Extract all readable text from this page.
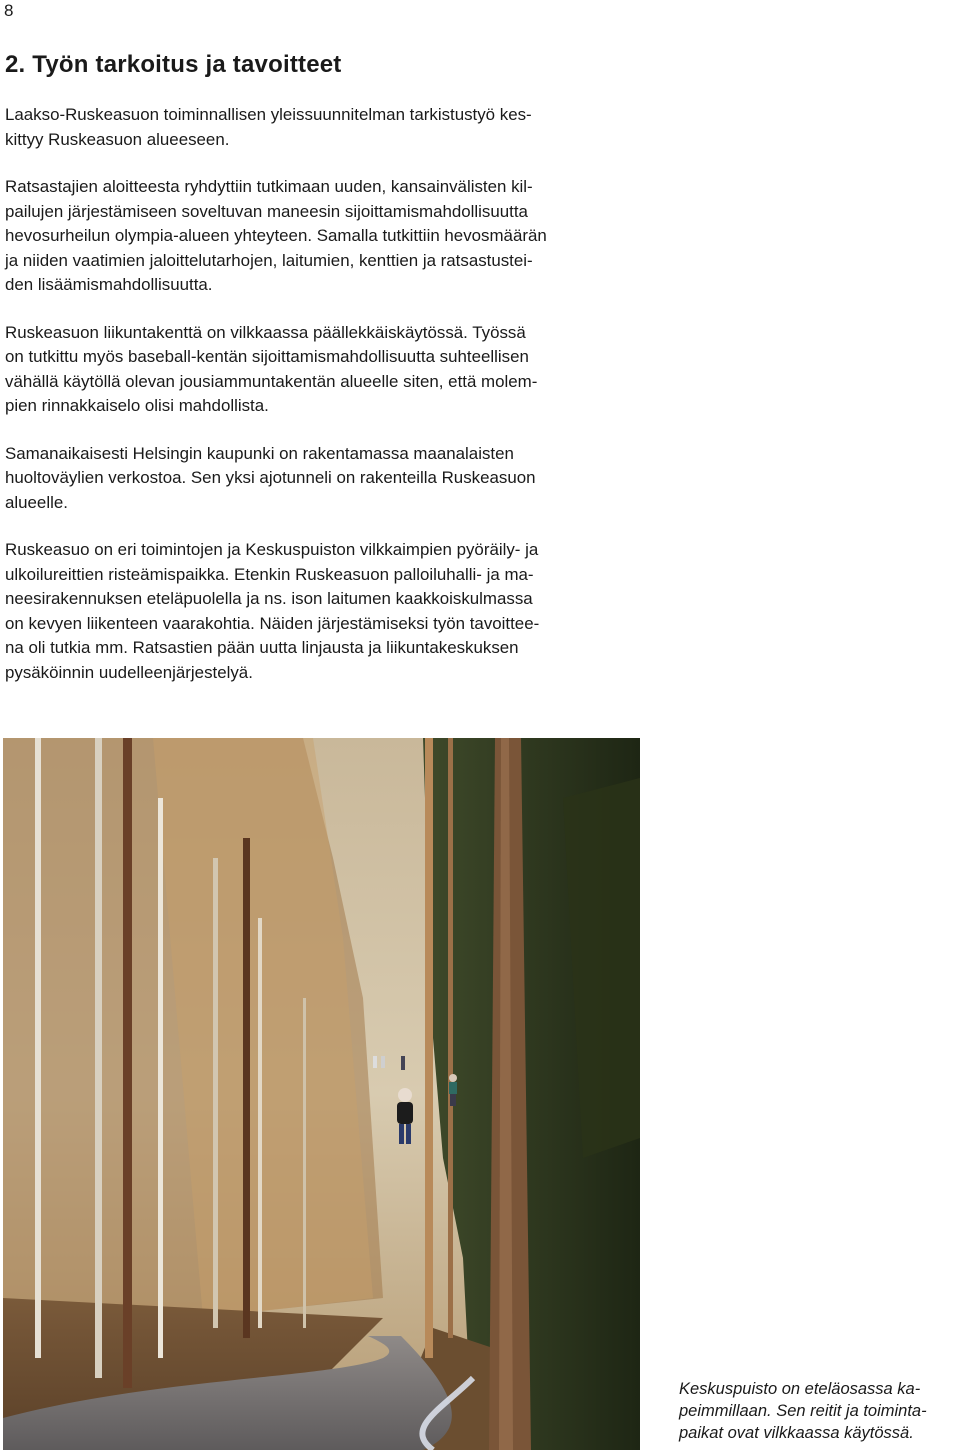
8
2. Työn tarkoitus ja tavoitteet

Laakso-Ruskeasuon toiminnallisen yleissuunnitelman tarkistustyö kes-
kittyy Ruskeasuon alueeseen.

Ratsastajien aloitteesta ryhdyttiin tutkimaan uuden, kansainvälisten kil-
pailujen järjestämiseen soveltuvan maneesin sijoittamismahdollisuutta
hevosurheilun olympia-alueen yhteyteen. Samalla tutkittiin hevosmäärän
ja niiden vaatimien jaloittelutarhojen, laitumien, kenttien ja ratsastustei-
den lisäämismahdollisuutta.

Ruskeasuon liikuntakenttä on vilkkaassa päällekkäiskäytössä. Työssä
on tutkittu myös baseball-kentän sijoittamismahdollisuutta suhteellisen
vähällä käytöllä olevan jousiammuntakentän alueelle siten, että molem-
pien rinnakkaiselo olisi mahdollista.

Samanaikaisesti Helsingin kaupunki on rakentamassa maanalaisten
huoltoväylien verkostoa. Sen yksi ajotunneli on rakenteilla Ruskeasuon
alueelle.

Ruskeasuo on eri toimintojen ja Keskuspuiston vilkkaimpien pyöräily- ja
ulkoilureittien risteämispaikka. Etenkin Ruskeasuon palloiluhalli- ja ma-
neesirakennuksen eteläpuolella ja ns. ison laitumen kaakkoiskulmassa
on kevyen liikenteen vaarakohtia. Näiden järjestämiseksi työn tavoittee-
na oli tutkia mm. Ratsastien pään uutta linjausta ja liikuntakeskuksen
pysäköinnin uudelleenjärjestelyä.

Keskuspuisto on eteläosassa ka-
peimmillaan. Sen reitit ja toiminta-
paikat ovat vilkkaassa käytössä.
